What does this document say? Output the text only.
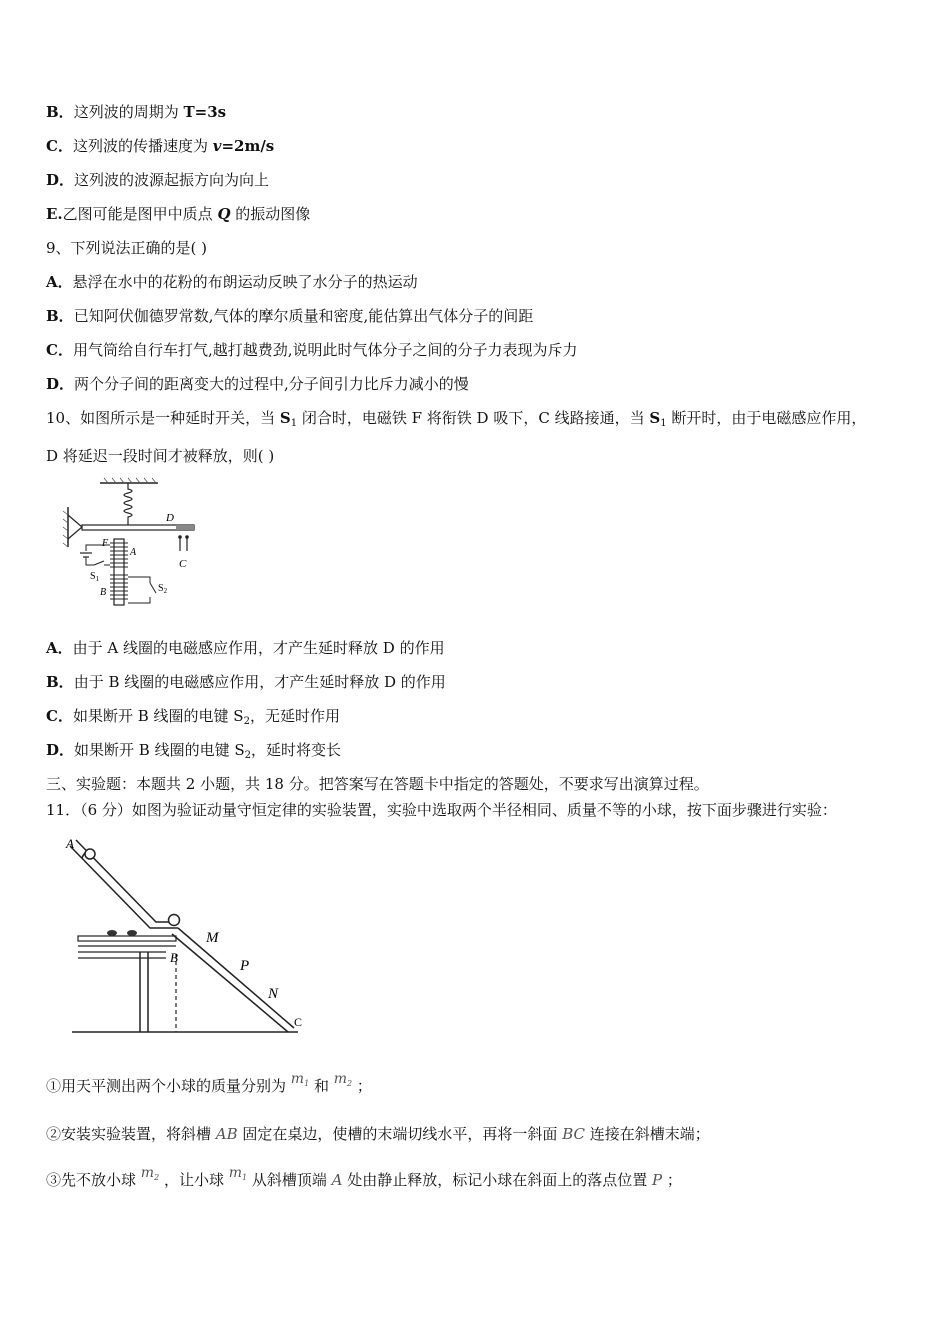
B．这列波的周期为 T=3s
C．这列波的传播速度为 v=2m/s
D．这列波的波源起振方向为向上
E.乙图可能是图甲中质点 Q 的振动图像
9、下列说法正确的是( )
A．悬浮在水中的花粉的布朗运动反映了水分子的热运动
B．已知阿伏伽德罗常数,气体的摩尔质量和密度,能估算出气体分子的间距
C．用气筒给自行车打气,越打越费劲,说明此时气体分子之间的分子力表现为斥力
D．两个分子间的距离变大的过程中,分子间引力比斥力减小的慢
10、如图所示是一种延时开关，当 $S_1$ 闭合时，电磁铁 F 将衔铁 D 吸下，C 线路接通，当 $S_1$ 断开时，由于电磁感应作用，
D 将延迟一段时间才被释放，则( )
D
C
F
A
B
$S_1$
$S_2$
A．由于 A 线圈的电磁感应作用，才产生延时释放 D 的作用
B．由于 B 线圈的电磁感应作用，才产生延时释放 D 的作用
C．如果断开 B 线圈的电键 $S_2$，无延时作用
D．如果断开 B 线圈的电键 $S_2$，延时将变长
三、实验题：本题共 2 小题，共 18 分。把答案写在答题卡中指定的答题处，不要求写出演算过程。
11．（6 分）如图为验证动量守恒定律的实验装置，实验中选取两个半径相同、质量不等的小球，按下面步骤进行实验：
A
B
M
P
N
C
①用天平测出两个小球的质量分别为 $m_1$ 和 $m_2$ ；
②安装实验装置，将斜槽 AB 固定在桌边，使槽的末端切线水平，再将一斜面 BC 连接在斜槽末端；
③先不放小球 $m_2$ ，让小球 $m_1$ 从斜槽顶端 A 处由静止释放，标记小球在斜面上的落点位置 P ；
